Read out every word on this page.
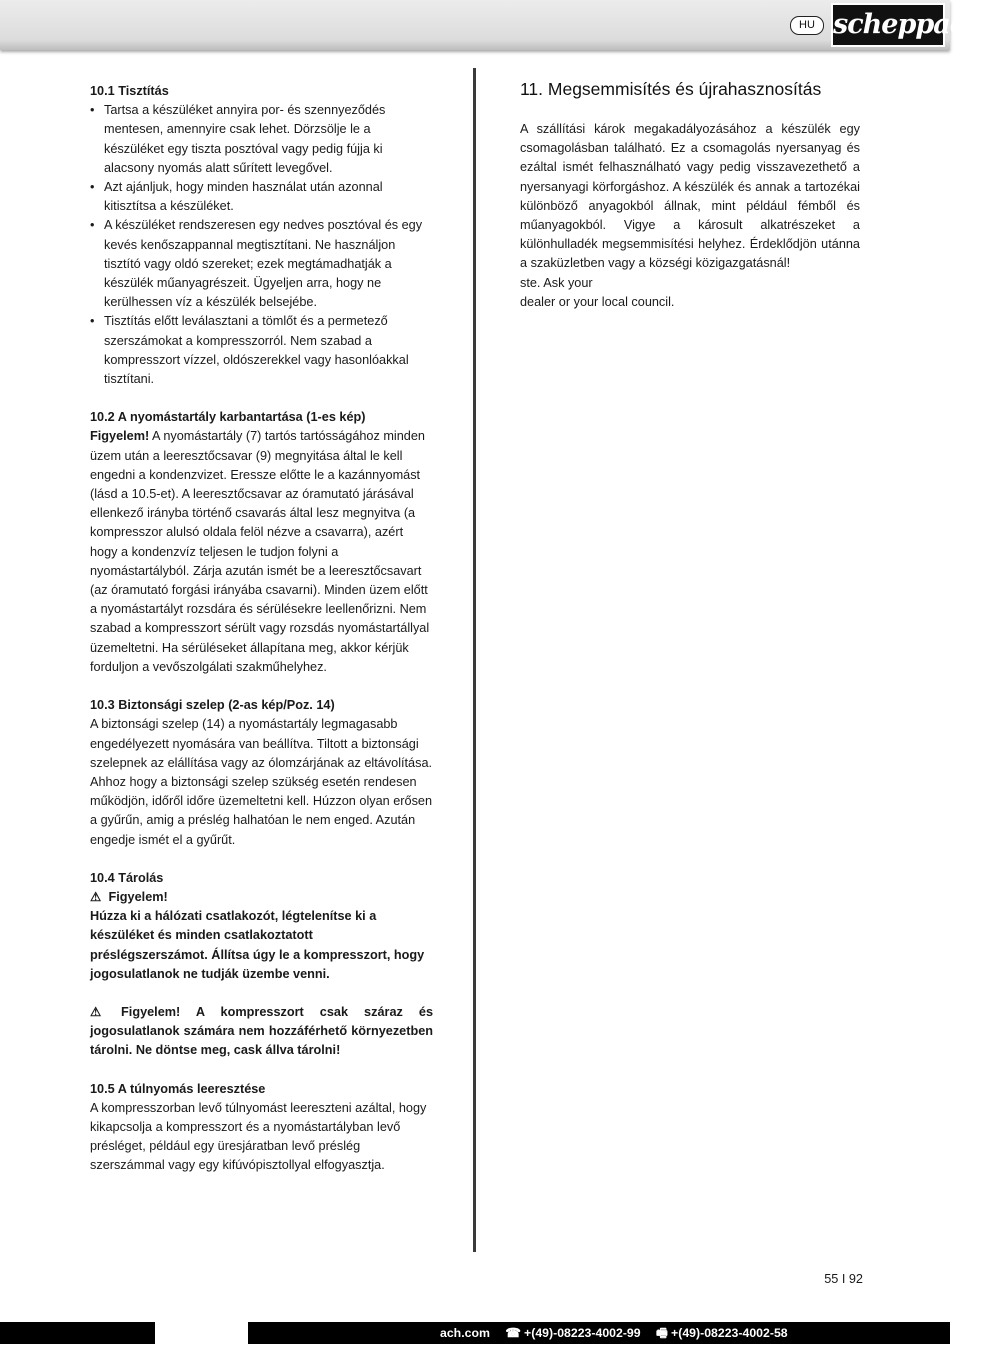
HU scheppach

10.1 Tisztítás

• Tartsa a készüléket annyira por- és szennyeződés mentesen, amennyire csak lehet. Dörzsölje le a készüléket egy tiszta posztóval vagy pedig fújja ki alacsony nyomás alatt sűrített levegővel.
• Azt ajánljuk, hogy minden használat után azonnal kitisztítsa a készüléket.
• A készüléket rendszeresen egy nedves posztóval és egy kevés kenőszappannal megtisztítani. Ne használjon tisztító vagy oldó szereket; ezek megtámadhatják a készülék műanyagrészeit. Ügyeljen arra, hogy ne kerülhessen víz a készülék belsejébe.
• Tisztítás előtt leválasztani a tömlőt és a permetező szerszámokat a kompresszorról. Nem szabad a kompresszort vízzel, oldószerekkel vagy hasonlóakkal tisztítani.

10.2 A nyomástartály karbantartása (1-es kép)

Figyelem! A nyomástartály (7) tartós tartósságához minden üzem után a leeresztőcsavar (9) megnyitása által le kell engedni a kondenzvizet. Eressze előtte le a kazánnyomást (lásd a 10.5-et). A leeresztőcsavar az óramutató járásával ellenkező irányba történő csavarás által lesz megnyitva (a kompresszor alulsó oldala felöl nézve a csavarra), azért hogy a kondenzvíz teljesen le tudjon folyni a nyomástartályból. Zárja azután ismét be a leeresztőcsavart (az óramutató forgási irányába csavarni). Minden üzem előtt a nyomástartályt rozsdára és sérülésekre leellenőrizni. Nem szabad a kompresszort sérült vagy rozsdás nyomástartállyal üzemeltetni. Ha sérüléseket állapítana meg, akkor kérjük forduljon a vevőszolgálati szakműhelyhez.

10.3 Biztonsági szelep (2-as kép/Poz. 14)

A biztonsági szelep (14) a nyomástartály legmagasabb engedélyezett nyomására van beállítva. Tiltott a biztonsági szelepnek az elállítása vagy az ólomzárjának az eltávolítása. Ahhoz hogy a biztonsági szelep szükség esetén rendesen működjön, időről időre üzemeltetni kell. Húzzon olyan erősen a gyűrűn, amig a préslég halhatóan le nem enged. Azután engedje ismét el a gyűrűt.

10.4 Tárolás

⚠ Figyelem!

Húzza ki a hálózati csatlakozót, légtelenítse ki a készüléket és minden csatlakoztatott préslégszerszámot. Állítsa úgy le a kompresszort, hogy jogosulatlanok ne tudják üzembe venni.

⚠ Figyelem! A kompresszort csak száraz és jogosulatlanok számára nem hozzáférhető környezetben tárolni. Ne döntse meg, cask állva tárolni!

10.5 A túlnyomás leeresztése

A kompresszorban levő túlnyomást leereszteni azáltal, hogy kikapcsolja a kompresszort és a nyomástartályban levő présléget, például egy üresjáratban levő préslég szerszámmal vagy egy kifúvópisztollyal elfogyasztja.

11. Megsemmisítés és újrahasznosítás

A szállítási károk megakadályozásához a készülék egy csomagolásban található. Ez a csomagolás nyersanyag és ezáltal ismét felhasználható vagy pedig visszavezethető a nyersanyagi körforgáshoz. A készülék és annak a tartozékai különböző anyagokból állnak, mint például fémből és műanyagokból. Vigye a károsult alkatrészeket a különhulladék megsemmisítési helyhez. Érdeklődjön utánna a szaküzletben vagy a községi közigazgatásnál!

ste. Ask your

dealer or your local council.

55 I 92
ach.com ☎ +(49)-08223-4002-99 🖷 +(49)-08223-4002-58
